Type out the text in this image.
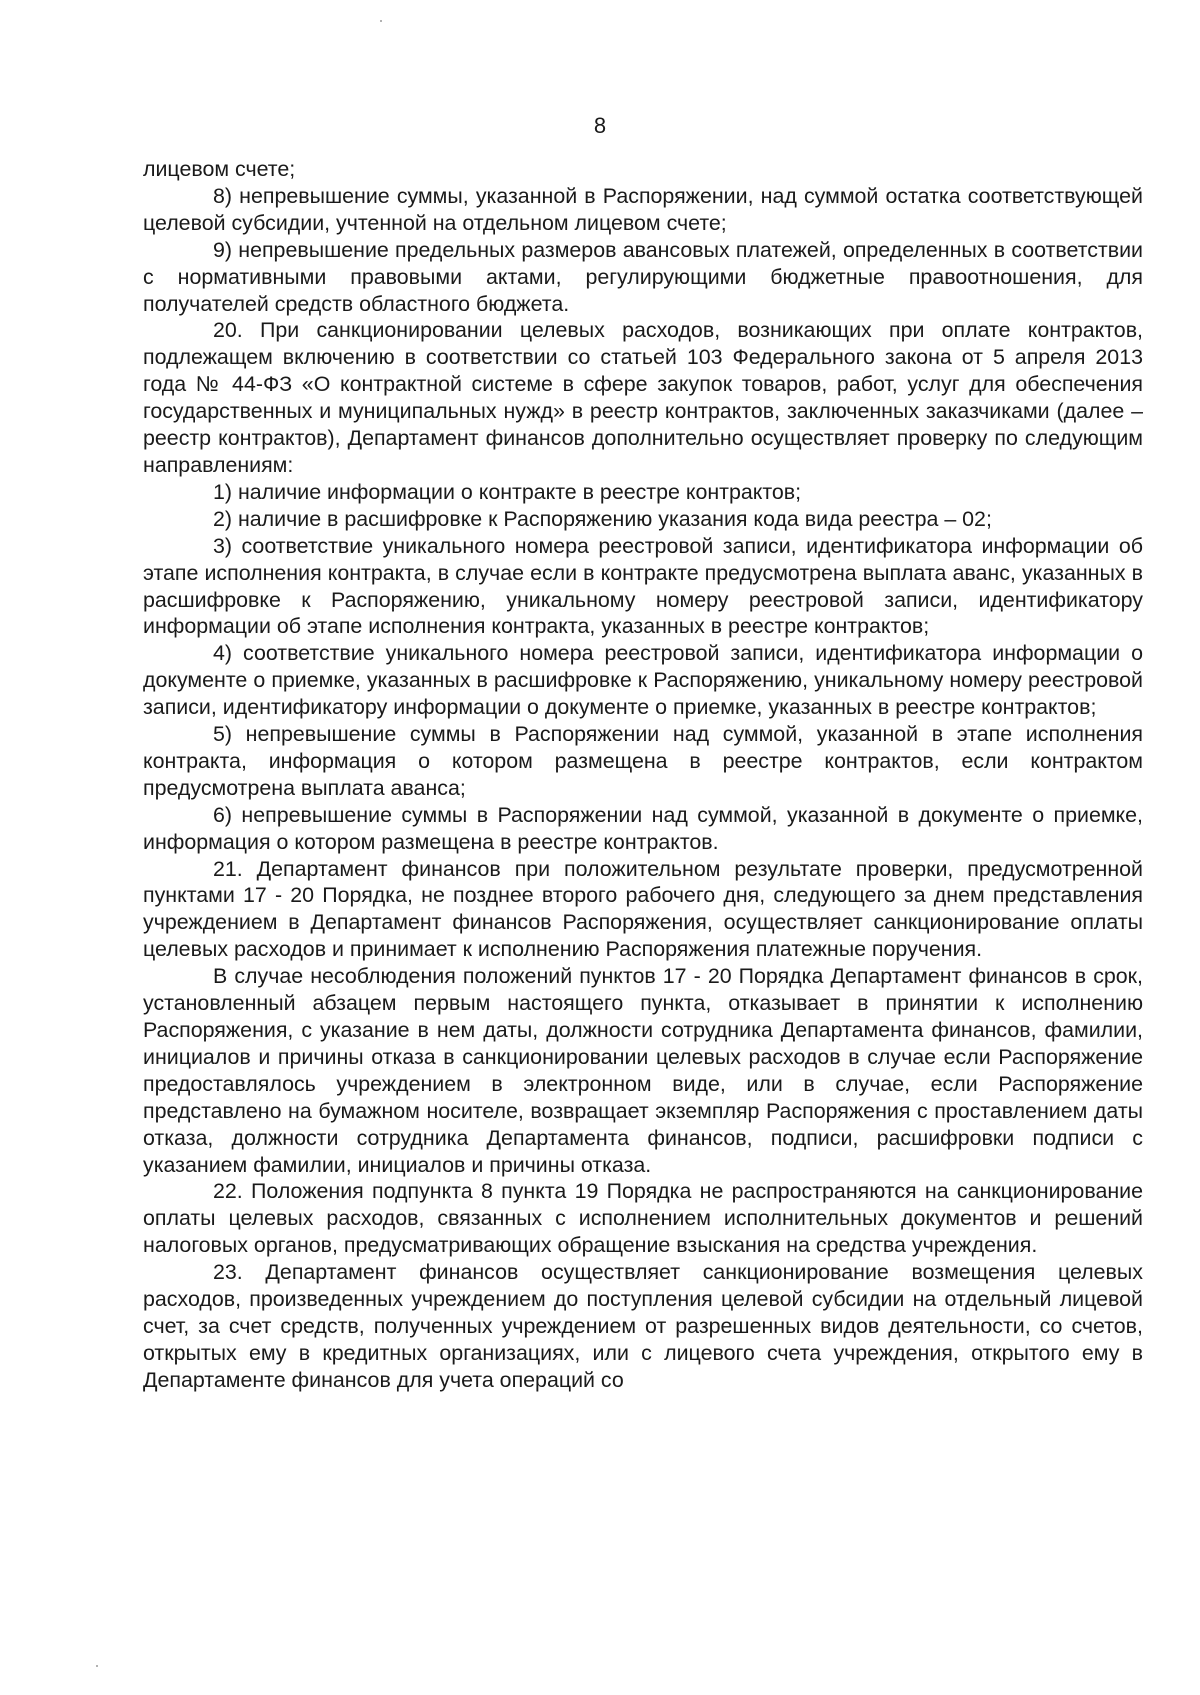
8

лицевом счете;

8) непревышение суммы, указанной в Распоряжении, над суммой остатка соответствующей целевой субсидии, учтенной на отдельном лицевом счете;

9) непревышение предельных размеров авансовых платежей, определенных в соответствии с нормативными правовыми актами, регулирующими бюджетные правоотношения, для получателей средств областного бюджета.

20. При санкционировании целевых расходов, возникающих при оплате контрактов, подлежащем включению в соответствии со статьей 103 Федерального закона от 5 апреля 2013 года № 44-ФЗ «О контрактной системе в сфере закупок товаров, работ, услуг для обеспечения государственных и муниципальных нужд» в реестр контрактов, заключенных заказчиками (далее – реестр контрактов), Департамент финансов дополнительно осуществляет проверку по следующим направлениям:

1) наличие информации о контракте в реестре контрактов;

2) наличие в расшифровке к Распоряжению указания кода вида реестра – 02;

3) соответствие уникального номера реестровой записи, идентификатора информации об этапе исполнения контракта, в случае если в контракте предусмотрена выплата аванс, указанных в расшифровке к Распоряжению, уникальному номеру реестровой записи, идентификатору информации об этапе исполнения контракта, указанных в реестре контрактов;

4) соответствие уникального номера реестровой записи, идентификатора информации о документе о приемке, указанных в расшифровке к Распоряжению, уникальному номеру реестровой записи, идентификатору информации о документе о приемке, указанных в реестре контрактов;

5) непревышение суммы в Распоряжении над суммой, указанной в этапе исполнения контракта, информация о котором размещена в реестре контрактов, если контрактом предусмотрена выплата аванса;

6) непревышение суммы в Распоряжении над суммой, указанной в документе о приемке, информация о котором размещена в реестре контрактов.

21. Департамент финансов при положительном результате проверки, предусмотренной пунктами 17 - 20 Порядка, не позднее второго рабочего дня, следующего за днем представления учреждением в Департамент финансов Распоряжения, осуществляет санкционирование оплаты целевых расходов и принимает к исполнению Распоряжения платежные поручения.

В случае несоблюдения положений пунктов 17 - 20 Порядка Департамент финансов в срок, установленный абзацем первым настоящего пункта, отказывает в принятии к исполнению Распоряжения, с указание в нем даты, должности сотрудника Департамента финансов, фамилии, инициалов и причины отказа в санкционировании целевых расходов в случае если Распоряжение предоставлялось учреждением в электронном виде, или в случае, если Распоряжение представлено на бумажном носителе, возвращает экземпляр Распоряжения с проставлением даты отказа, должности сотрудника Департамента финансов, подписи, расшифровки подписи с указанием фамилии, инициалов и причины отказа.

22. Положения подпункта 8 пункта 19 Порядка не распространяются на санкционирование оплаты целевых расходов, связанных с исполнением исполнительных документов и решений налоговых органов, предусматривающих обращение взыскания на средства учреждения.

23. Департамент финансов осуществляет санкционирование возмещения целевых расходов, произведенных учреждением до поступления целевой субсидии на отдельный лицевой счет, за счет средств, полученных учреждением от разрешенных видов деятельности, со счетов, открытых ему в кредитных организациях, или с лицевого счета учреждения, открытого ему в Департаменте финансов для учета операций со
